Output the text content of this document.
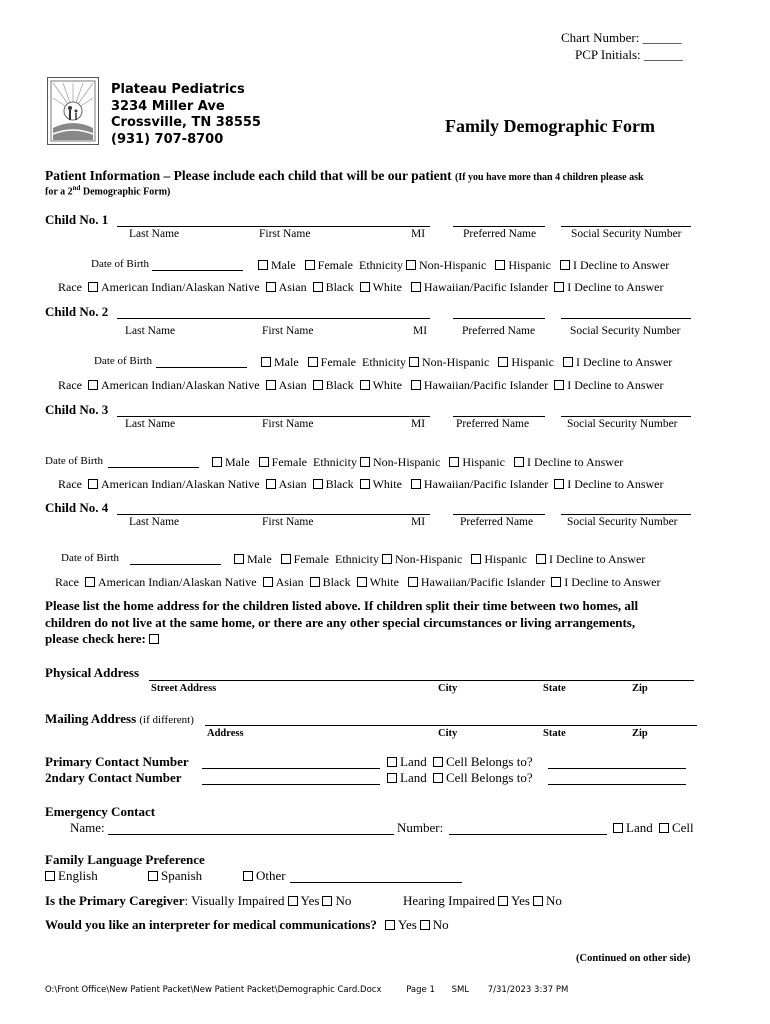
Chart Number: ______
PCP Initials: ______
Plateau Pediatrics
3234 Miller Ave
Crossville, TN 38555
(931) 707-8700
Family Demographic Form
Patient Information – Please include each child that will be our patient (If you have more than 4 children please ask
for a 2nd Demographic Form)
Child No. 1
Last Name	First Name	MI	Preferred Name	Social Security Number
Date of Birth	Male Female Ethnicity Non-Hispanic Hispanic I Decline to Answer
Race American Indian/Alaskan Native Asian Black White Hawaiian/Pacific Islander I Decline to Answer
Child No. 2
Last Name	First Name	MI	Preferred Name	Social Security Number
Date of Birth	Male Female Ethnicity Non-Hispanic Hispanic I Decline to Answer
Race American Indian/Alaskan Native Asian Black White Hawaiian/Pacific Islander I Decline to Answer
Child No. 3
Last Name	First Name	MI	Preferred Name	Social Security Number
Date of Birth	Male Female Ethnicity Non-Hispanic Hispanic I Decline to Answer
Race American Indian/Alaskan Native Asian Black White Hawaiian/Pacific Islander I Decline to Answer
Child No. 4
Last Name	First Name	MI	Preferred Name	Social Security Number
Date of Birth	Male Female Ethnicity Non-Hispanic Hispanic I Decline to Answer
Race American Indian/Alaskan Native Asian Black White Hawaiian/Pacific Islander I Decline to Answer
Please list the home address for the children listed above. If children split their time between two homes, all
children do not live at the same home, or there are any other special circumstances or living arrangements,
please check here:
Physical Address
Street Address	City	State	Zip
Mailing Address (if different)
Address	City	State	Zip
Primary Contact Number	Land Cell Belongs to?
2ndary Contact Number	Land Cell Belongs to?
Emergency Contact
Name:	Number:	Land Cell
Family Language Preference
English	Spanish	Other
Is the Primary Caregiver: Visually Impaired Yes No	Hearing Impaired Yes No
Would you like an interpreter for medical communications? Yes No
(Continued on other side)
O:\Front Office\New Patient Packet\New Patient Packet\Demographic Card.Docx	Page 1 SML 7/31/2023 3:37 PM
